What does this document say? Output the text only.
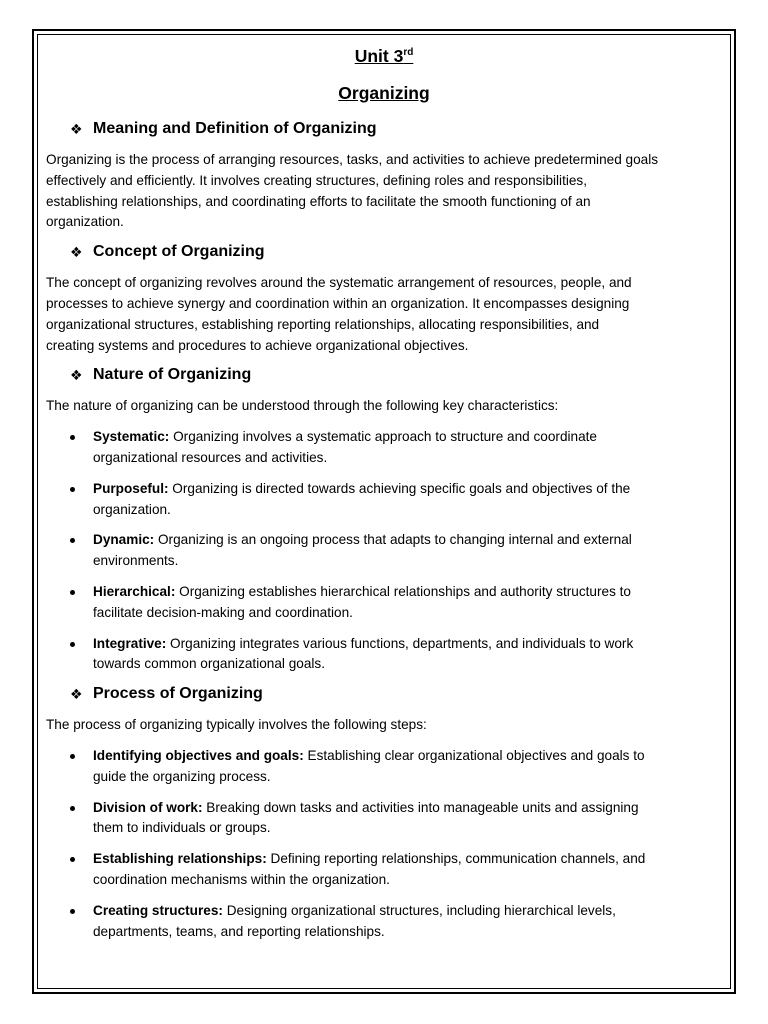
Unit 3rd
Organizing
❖ Meaning and Definition of Organizing

Organizing is the process of arranging resources, tasks, and activities to achieve predetermined goals
effectively and efficiently. It involves creating structures, defining roles and responsibilities,
establishing relationships, and coordinating efforts to facilitate the smooth functioning of an
organization.

❖ Concept of Organizing

The concept of organizing revolves around the systematic arrangement of resources, people, and
processes to achieve synergy and coordination within an organization. It encompasses designing
organizational structures, establishing reporting relationships, allocating responsibilities, and
creating systems and procedures to achieve organizational objectives.

❖ Nature of Organizing

The nature of organizing can be understood through the following key characteristics:

Systematic: Organizing involves a systematic approach to structure and coordinate
organizational resources and activities.
Purposeful: Organizing is directed towards achieving specific goals and objectives of the
organization.
Dynamic: Organizing is an ongoing process that adapts to changing internal and external
environments.
Hierarchical: Organizing establishes hierarchical relationships and authority structures to
facilitate decision-making and coordination.
Integrative: Organizing integrates various functions, departments, and individuals to work
towards common organizational goals.
❖ Process of Organizing

The process of organizing typically involves the following steps:

Identifying objectives and goals: Establishing clear organizational objectives and goals to
guide the organizing process.
Division of work: Breaking down tasks and activities into manageable units and assigning
them to individuals or groups.
Establishing relationships: Defining reporting relationships, communication channels, and
coordination mechanisms within the organization.
Creating structures: Designing organizational structures, including hierarchical levels,
departments, teams, and reporting relationships.
